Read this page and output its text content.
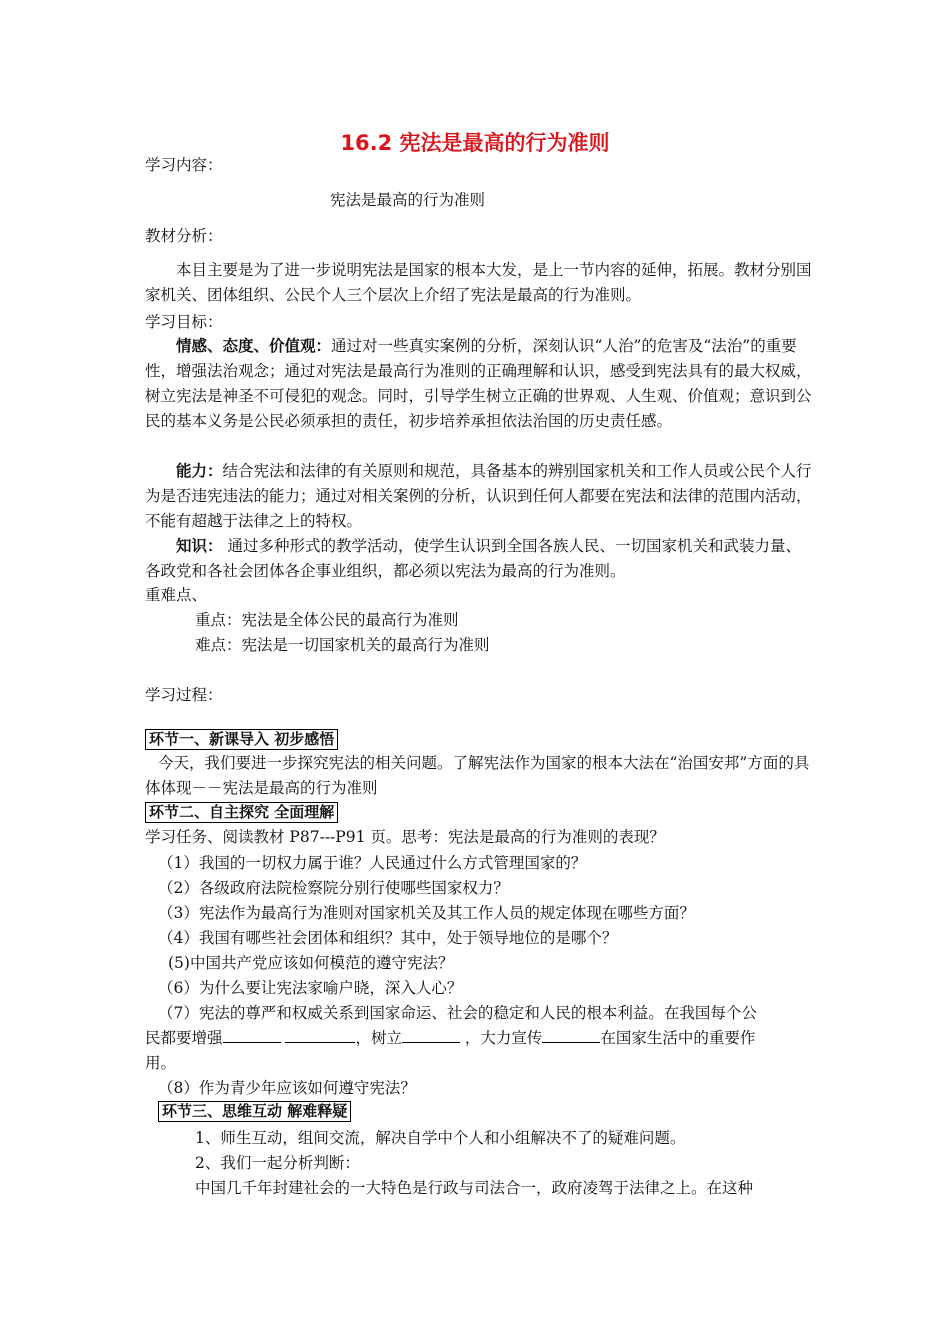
16.2 宪法是最高的行为准则
学习内容：
宪法是最高的行为准则
教材分析：
本目主要是为了进一步说明宪法是国家的根本大发，是上一节内容的延伸，拓展。教材分别国家机关、团体组织、公民个人三个层次上介绍了宪法是最高的行为准则。
学习目标：
情感、态度、价值观：通过对一些真实案例的分析，深刻认识“人治”的危害及“法治”的重要性，增强法治观念；通过对宪法是最高行为准则的正确理解和认识，感受到宪法具有的最大权威，树立宪法是神圣不可侵犯的观念。同时，引导学生树立正确的世界观、人生观、价值观；意识到公民的基本义务是公民必须承担的责任，初步培养承担依法治国的历史责任感。
能力：结合宪法和法律的有关原则和规范，具备基本的辨别国家机关和工作人员或公民个人行为是否违宪违法的能力；通过对相关案例的分析，认识到任何人都要在宪法和法律的范围内活动，不能有超越于法律之上的特权。
知识： 通过多种形式的教学活动，使学生认识到全国各族人民、一切国家机关和武装力量、各政党和各社会团体各企事业组织，都必须以宪法为最高的行为准则。
重难点、
重点：宪法是全体公民的最高行为准则
难点：宪法是一切国家机关的最高行为准则
学习过程：
环节一、新课导入 初步感悟
今天，我们要进一步探究宪法的相关问题。了解宪法作为国家的根本大法在“治国安邦”方面的具体体现－－宪法是最高的行为准则
环节二、自主探究 全面理解
学习任务、阅读教材 P87---P91 页。思考：宪法是最高的行为准则的表现？
（1）我国的一切权力属于谁？人民通过什么方式管理国家的？
（2）各级政府法院检察院分别行使哪些国家权力？
（3）宪法作为最高行为准则对国家机关及其工作人员的规定体现在哪些方面？
（4）我国有哪些社会团体和组织？其中，处于领导地位的是哪个？
(5)中国共产党应该如何模范的遵守宪法？
（6）为什么要让宪法家喻户晓，深入人心？
（7）宪法的尊严和权威关系到国家命运、社会的稳定和人民的根本利益。在我国每个公
民都要增强	，树立	，大力宣传	在国家生活中的重要作
用。
（8）作为青少年应该如何遵守宪法？
环节三、思维互动 解难释疑
1、师生互动，组间交流，解决自学中个人和小组解决不了的疑难问题。
2、我们一起分析判断：
中国几千年封建社会的一大特色是行政与司法合一，政府凌驾于法律之上。在这种
